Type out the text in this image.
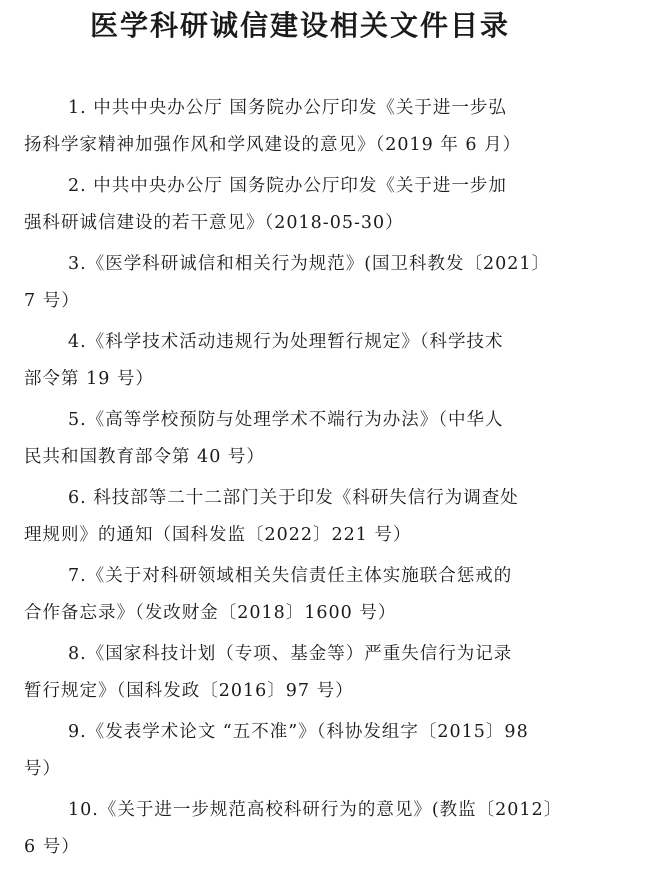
医学科研诚信建设相关文件目录
1. 中共中央办公厅 国务院办公厅印发《关于进一步弘
扬科学家精神加强作风和学风建设的意见》（2019 年 6 月）
2. 中共中央办公厅 国务院办公厅印发《关于进一步加
强科研诚信建设的若干意见》（2018-05-30）
3.《医学科研诚信和相关行为规范》(国卫科教发〔2021〕
7 号）
4.《科学技术活动违规行为处理暂行规定》（科学技术
部令第 19 号）
5.《高等学校预防与处理学术不端行为办法》（中华人
民共和国教育部令第 40 号）
6. 科技部等二十二部门关于印发《科研失信行为调查处
理规则》的通知（国科发监〔2022〕221 号）
7.《关于对科研领域相关失信责任主体实施联合惩戒的
合作备忘录》（发改财金〔2018〕1600 号）
8.《国家科技计划（专项、基金等）严重失信行为记录
暂行规定》（国科发政〔2016〕97 号）
9.《发表学术论文 “五不准”》（科协发组字〔2015〕98
号）
10.《关于进一步规范高校科研行为的意见》(教监〔2012〕
6 号）
